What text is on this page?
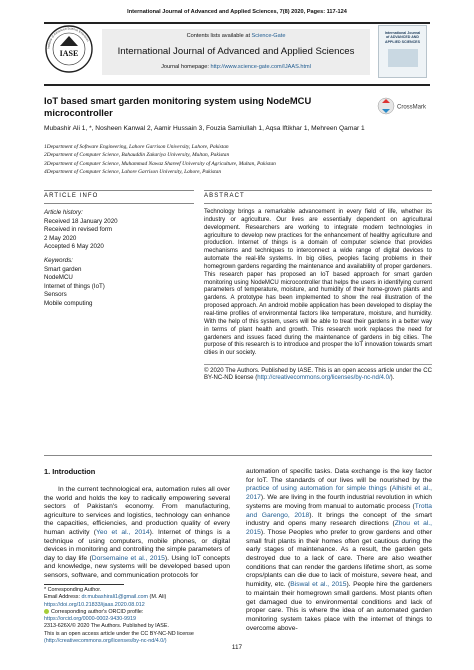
International Journal of Advanced and Applied Sciences, 7(8) 2020, Pages: 117-124
IASE
Institute of Advanced Science Extension
Contents lists available at Science-Gate
International Journal of Advanced and Applied Sciences
Journal homepage: http://www.science-gate.com/IJAAS.html
International Journal of ADVANCED AND APPLIED SCIENCES
IoT based smart garden monitoring system using NodeMCU microcontroller	CrossMark
Mubashir Ali 1, *, Nosheen Kanwal 2, Aamir Hussain 3, Fouzia Samiullah 1, Aqsa Iftikhar 1, Mehreen Qamar 1
1Department of Software Engineering, Lahore Garrison University, Lahore, Pakistan
2Department of Computer Science, Bahauddin Zakariya University, Multan, Pakistan
3Department of Computer Science, Muhammad Nawaz Shareef University of Agriculture, Multan, Pakistan
4Department of Computer Science, Lahore Garrison University, Lahore, Pakistan
ARTICLE INFO	ABSTRACT
Article history:
Received 18 January 2020
Received in revised form
2 May 2020
Accepted 6 May 2020
Keywords:
Smart garden
NodeMCU
Internet of things (IoT)
Sensors
Mobile computing
Technology brings a remarkable advancement in every field of life, whether its industry or agriculture. Our lives are essentially dependent on agricultural development. Researchers are working to integrate modern technologies in agriculture to develop new practices for the enhancement of healthy agriculture and production. Internet of things is a domain of computer science that provides mechanisms and techniques to interconnect a wide range of digital devices to automate the real-life systems. In big cities, peoples facing problems in their homegrown gardens regarding the maintenance and availability of proper gardeners. This research paper has proposed an IoT based approach for smart garden monitoring using NodeMCU microcontroller that helps the users in identifying current parameters of temperature, moisture, and humidity of their home-grown plants and gardens. A prototype has been implemented to show the real illustration of the proposed approach. An android mobile application has been developed to display the real-time profiles of environmental factors like temperature, moisture, and humidity. With the help of this system, users will be able to treat their gardens in a better way in terms of plant health and growth. This research work replaces the need for gardeners and issues faced during the maintenance of gardens in big cities. The purpose of this research is to introduce and prosper the IoT innovation towards smart cities in our society.
© 2020 The Authors. Published by IASE. This is an open access article under the CC BY-NC-ND license (http://creativecommons.org/licenses/by-nc-nd/4.0/).
1. Introduction
In the current technological era, automation rules all over the world and holds the key to radically empowering several sectors of Pakistan's economy. From manufacturing, agriculture to services and logistics, technology can enhance the capacities, efficiencies, and production quality of every human activity (Yeo et al., 2014). Internet of things is a technique of using computers, mobile phones, or digital devices in monitoring and controlling the simple parameters of day to day life (Dorsemaine et al., 2015). Using IoT concepts and knowledge, new systems will be developed based upon sensors, software, and communication protocols for
automation of specific tasks. Data exchange is the key factor for IoT. The standards of our lives will be nourished by the practice of using automation for simple things (Alhishi et al., 2017). We are living in the fourth industrial revolution in which systems are moving from manual to automatic process (Trotta and Garengo, 2018). It brings the concept of the smart industry and opens many research directions (Zhou et al., 2015). Those Peoples who prefer to grow gardens and other small fruit plants in their homes often get cautious during the early stages of maintenance. As a result, the garden gets destroyed due to a lack of care. There are also weather conditions that can render the gardens lifetime short, as some crops/plants can die due to lack of moisture, severe heat, and humidity, etc. (Biswal et al., 2015). People hire the gardeners to maintain their homegrown small gardens. Most plants often get damaged due to environmental conditions and lack of proper care. This is where the idea of an automated garden monitoring system takes place with the internet of things to overcome above-
* Corresponding Author.
Email Address: dr.mubashirali1@gmail.com (M. Ali)
https://doi.org/10.21833/ijaas.2020.08.012
Corresponding author's ORCID profile:
https://orcid.org/0000-0002-9430-9919
2313-626X/© 2020 The Authors. Published by IASE.
This is an open access article under the CC BY-NC-ND license
(http://creativecommons.org/licenses/by-nc-nd/4.0/)
117
